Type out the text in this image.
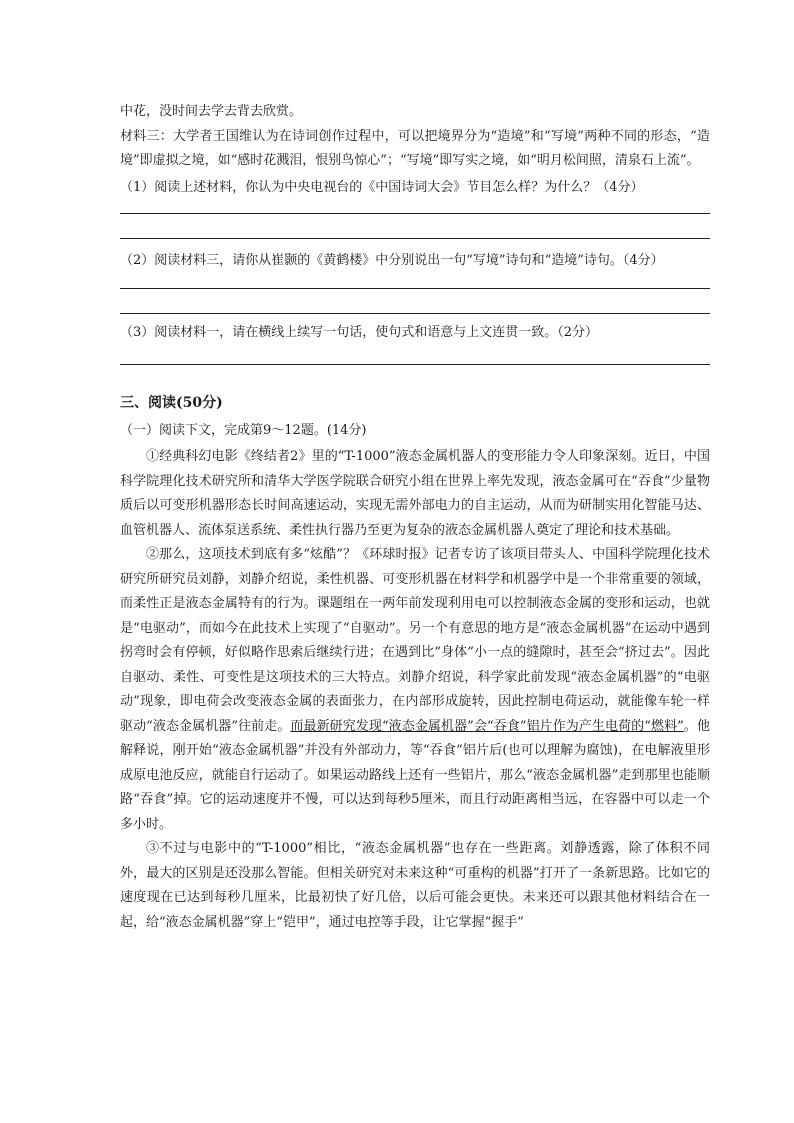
中花，没时间去学去背去欣赏。

材料三：大学者王国维认为在诗词创作过程中，可以把境界分为“造境”和“写境”两种不同的形态，“造境”即虚拟之境，如“感时花溅泪，恨别鸟惊心”；“写境”即写实之境，如“明月松间照，清泉石上流”。

（1）阅读上述材料，你认为中央电视台的《中国诗词大会》节目怎么样？为什么？（4分）

（2）阅读材料三，请你从崔颢的《黄鹤楼》中分别说出一句“写境”诗句和“造境”诗句。（4分）

（3）阅读材料一，请在横线上续写一句话，使句式和语意与上文连贯一致。（2分）

三、阅读(50分)

（一）阅读下文，完成第9～12题。(14分)

①经典科幻电影《终结者2》里的“T-1000”液态金属机器人的变形能力令人印象深刻。近日，中国科学院理化技术研究所和清华大学医学院联合研究小组在世界上率先发现，液态金属可在“吞食”少量物质后以可变形机器形态长时间高速运动，实现无需外部电力的自主运动，从而为研制实用化智能马达、血管机器人、流体泵送系统、柔性执行器乃至更为复杂的液态金属机器人奠定了理论和技术基础。

②那么，这项技术到底有多“炫酷”？《环球时报》记者专访了该项目带头人、中国科学院理化技术研究所研究员刘静，刘静介绍说，柔性机器、可变形机器在材料学和机器学中是一个非常重要的领域，而柔性正是液态金属特有的行为。课题组在一两年前发现利用电可以控制液态金属的变形和运动，也就是“电驱动”，而如今在此技术上实现了“自驱动”。另一个有意思的地方是“液态金属机器”在运动中遇到拐弯时会有停顿，好似略作思索后继续行进；在遇到比“身体”小一点的缝隙时，甚至会“挤过去”。因此自驱动、柔性、可变性是这项技术的三大特点。刘静介绍说，科学家此前发现“液态金属机器”的“电驱动”现象，即电荷会改变液态金属的表面张力，在内部形成旋转，因此控制电荷运动，就能像车轮一样驱动“液态金属机器”往前走。而最新研究发现“液态金属机器”会“吞食”铝片作为产生电荷的“燃料”。他解释说，刚开始“液态金属机器”并没有外部动力，等“吞食”铝片后(也可以理解为腐蚀)，在电解液里形成原电池反应，就能自行运动了。如果运动路线上还有一些铝片，那么“液态金属机器”走到那里也能顺路“吞食”掉。它的运动速度并不慢，可以达到每秒5厘米，而且行动距离相当远，在容器中可以走一个多小时。

③不过与电影中的“T-1000”相比，“液态金属机器”也存在一些距离。刘静透露，除了体积不同外，最大的区别是还没那么智能。但相关研究对未来这种“可重构的机器”打开了一条新思路。比如它的速度现在已达到每秒几厘米，比最初快了好几倍，以后可能会更快。未来还可以跟其他材料结合在一起，给“液态金属机器”穿上“铠甲”，通过电控等手段，让它掌握“握手”
